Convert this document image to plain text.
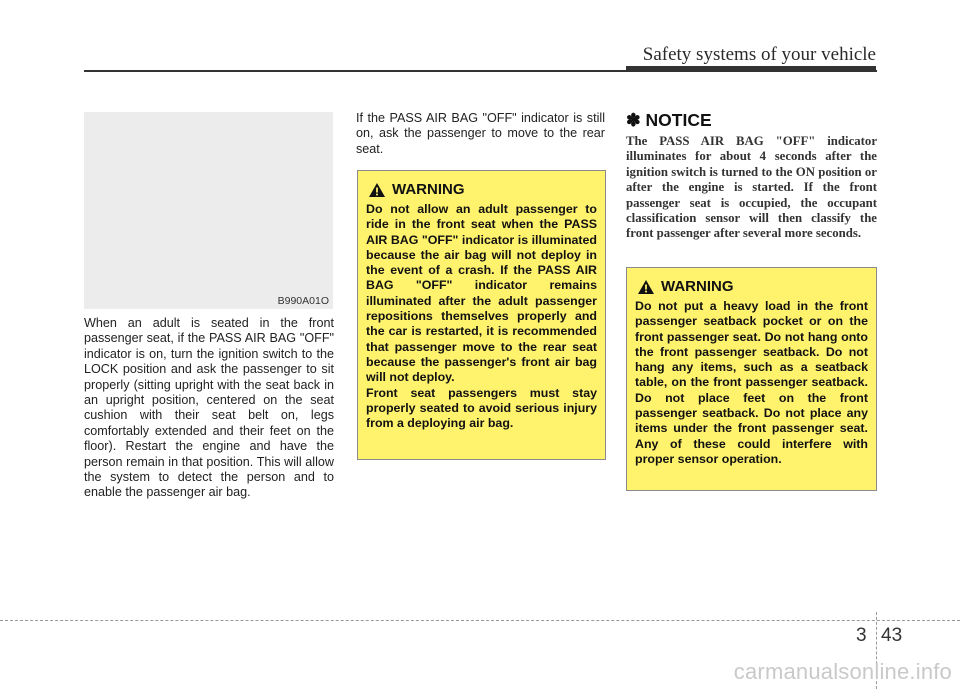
Safety systems of your vehicle
B990A01O
When an adult is seated in the front passenger seat, if the PASS AIR BAG "OFF" indicator is on, turn the ignition switch to the LOCK position and ask the passenger to sit properly (sitting upright with the seat back in an upright position, centered on the seat cushion with their seat belt on, legs comfortably extended and their feet on the floor). Restart the engine and have the person remain in that position. This will allow the system to detect the person and to enable the passenger air bag.
If the PASS AIR BAG "OFF" indicator is still on, ask the passenger to move to the rear seat.
WARNING
Do not allow an adult passenger to ride in the front seat when the PASS AIR BAG "OFF" indicator is illuminated because the air bag will not deploy in the event of a crash. If the PASS AIR BAG "OFF" indicator remains illuminated after the adult passenger repositions themselves properly and the car is restarted, it is recommended that passenger move to the rear seat because the passenger's front air bag will not deploy.
Front seat passengers must stay properly seated to avoid serious injury from a deploying air bag.
✽ NOTICE
The PASS AIR BAG "OFF" indicator illuminates for about 4 seconds after the ignition switch is turned to the ON position or after the engine is started. If the front passenger seat is occupied, the occupant classification sensor will then classify the front passenger after several more seconds.
WARNING
Do not put a heavy load in the front passenger seatback pocket or on the front passenger seat. Do not hang onto the front passenger seatback. Do not hang any items, such as a seatback table, on the front passenger seatback. Do not place feet on the front passenger seatback. Do not place any items under the front passenger seat. Any of these could interfere with proper sensor operation.
3 43
carmanualsonline.info
